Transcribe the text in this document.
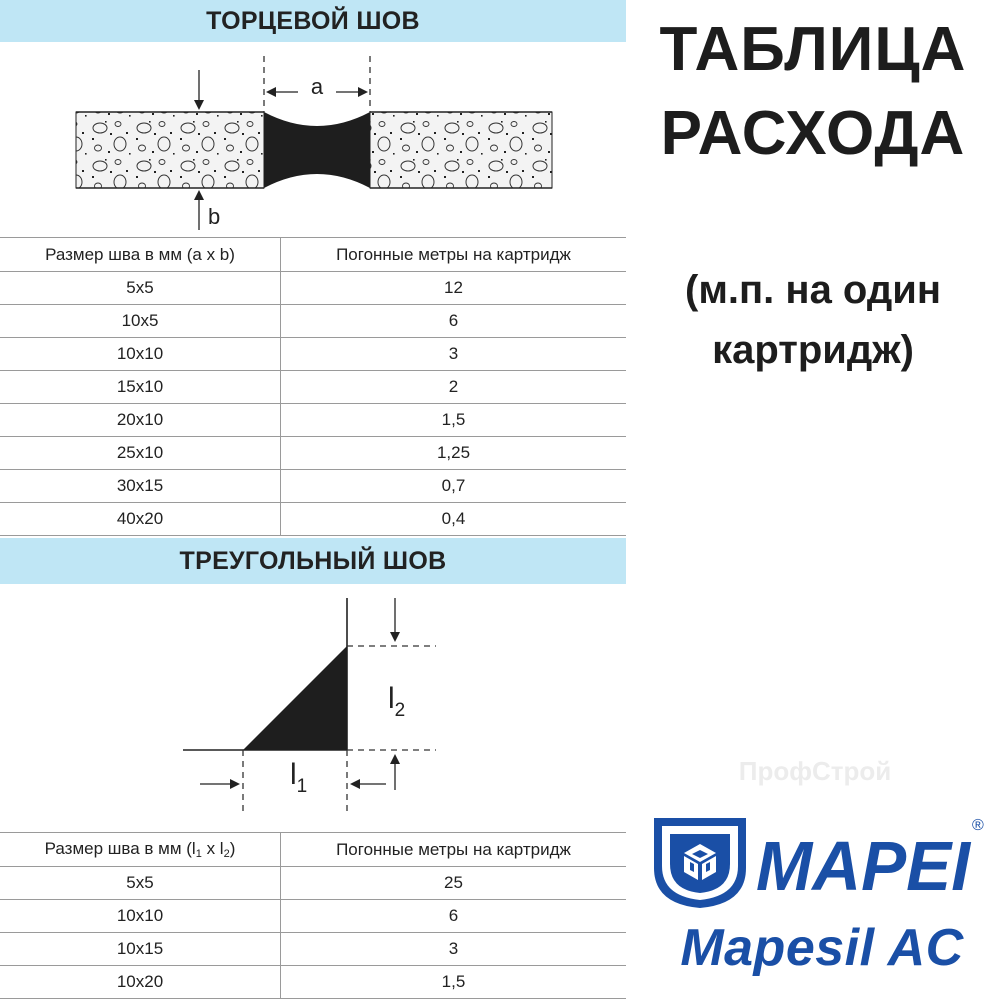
ТОРЦЕВОЙ ШОВ
a
b
Размер шва в мм (a x b)	Погонные метры на картридж
5x5	12
10x5	6
10x10	3
15x10	2
20x10	1,5
25x10	1,25
30x15	0,7
40x20	0,4
ТРЕУГОЛЬНЫЙ ШОВ
$l_2$
$l_1$
Размер шва в мм ($l_1$ x $l_2$)	Погонные метры на картридж
5x5	25
10x10	6
10x15	3
10x20	1,5
ТАБЛИЦА
РАСХОДА
(м.п. на один
картридж)
ПрофСтрой
MAPEI
®
Mapesil AC
